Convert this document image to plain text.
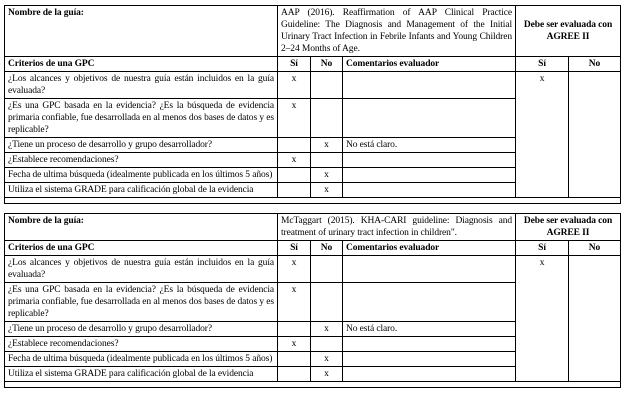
Nombre de la guía:	AAP (2016). Reaffirmation of AAP Clinical Practice Guideline: The Diagnosis and Management of the Initial Urinary Tract Infection in Febrile Infants and Young Children 2–24 Months of Age.			Debe ser evaluada con AGREE II	
Criterios de una GPC	Sí	No	Comentarios evaluador	Sí	No
¿Los alcances y objetivos de nuestra guía están incluidos en la guía evaluada?	x			x	
¿Es una GPC basada en la evidencia? ¿Es la búsqueda de evidencia primaria confiable, fue desarrollada en al menos dos bases de datos y es replicable?	x				
¿Tiene un proceso de desarrollo y grupo desarrollador?		x	No está claro.		
¿Establece recomendaciones?	x				
Fecha de ultima búsqueda (idealmente publicada en los últimos 5 años)		x			
Utiliza el sistema GRADE para calificación global de la evidencia		x			

Nombre de la guía:	McTaggart (2015). KHA-CARI guideline: Diagnosis and treatment of urinary tract infection in children".			Debe ser evaluada con AGREE II	
Criterios de una GPC	Sí	No	Comentarios evaluador	Sí	No
¿Los alcances y objetivos de nuestra guía están incluidos en la guía evaluada?	x			x	
¿Es una GPC basada en la evidencia? ¿Es la búsqueda de evidencia primaria confiable, fue desarrollada en al menos dos bases de datos y es replicable?	x				
¿Tiene un proceso de desarrollo y grupo desarrollador?		x	No está claro.		
¿Establece recomendaciones?	x				
Fecha de ultima búsqueda (idealmente publicada en los últimos 5 años)		x			
Utiliza el sistema GRADE para calificación global de la evidencia		x			
